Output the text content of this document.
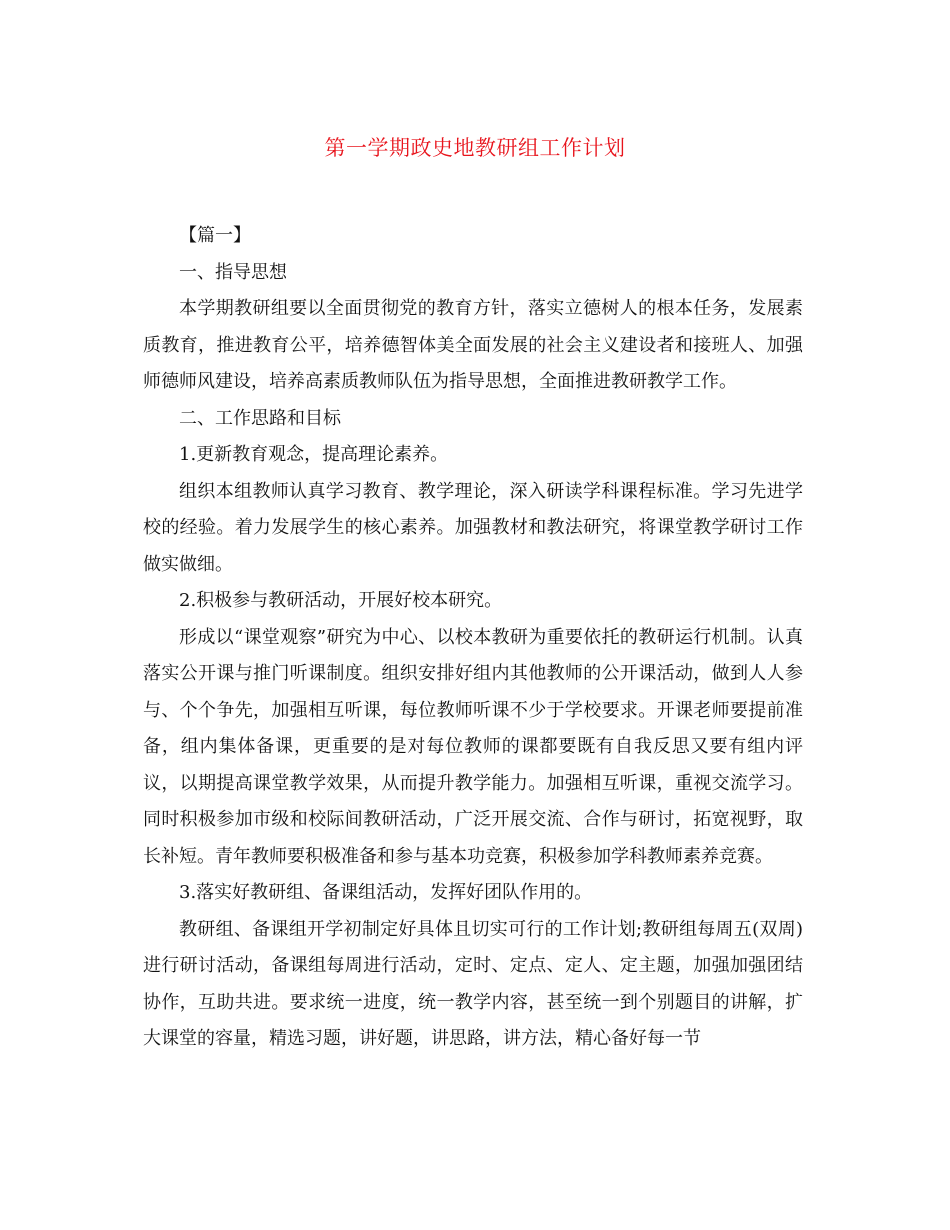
第一学期政史地教研组工作计划

【篇一】

一、指导思想

本学期教研组要以全面贯彻党的教育方针，落实立德树人的根本任务，发展素质教育，推进教育公平，培养德智体美全面发展的社会主义建设者和接班人、加强师德师风建设，培养高素质教师队伍为指导思想，全面推进教研教学工作。

二、工作思路和目标

1.更新教育观念，提高理论素养。

组织本组教师认真学习教育、教学理论，深入研读学科课程标准。学习先进学校的经验。着力发展学生的核心素养。加强教材和教法研究，将课堂教学研讨工作做实做细。

2.积极参与教研活动，开展好校本研究。

形成以“课堂观察”研究为中心、以校本教研为重要依托的教研运行机制。认真落实公开课与推门听课制度。组织安排好组内其他教师的公开课活动，做到人人参与、个个争先，加强相互听课，每位教师听课不少于学校要求。开课老师要提前准备，组内集体备课，更重要的是对每位教师的课都要既有自我反思又要有组内评议，以期提高课堂教学效果，从而提升教学能力。加强相互听课，重视交流学习。同时积极参加市级和校际间教研活动，广泛开展交流、合作与研讨，拓宽视野，取长补短。青年教师要积极准备和参与基本功竞赛，积极参加学科教师素养竞赛。

3.落实好教研组、备课组活动，发挥好团队作用的。

教研组、备课组开学初制定好具体且切实可行的工作计划;教研组每周五(双周)进行研讨活动，备课组每周进行活动，定时、定点、定人、定主题，加强加强团结协作，互助共进。要求统一进度，统一教学内容，甚至统一到个别题目的讲解，扩大课堂的容量，精选习题，讲好题，讲思路，讲方法，精心备好每一节
